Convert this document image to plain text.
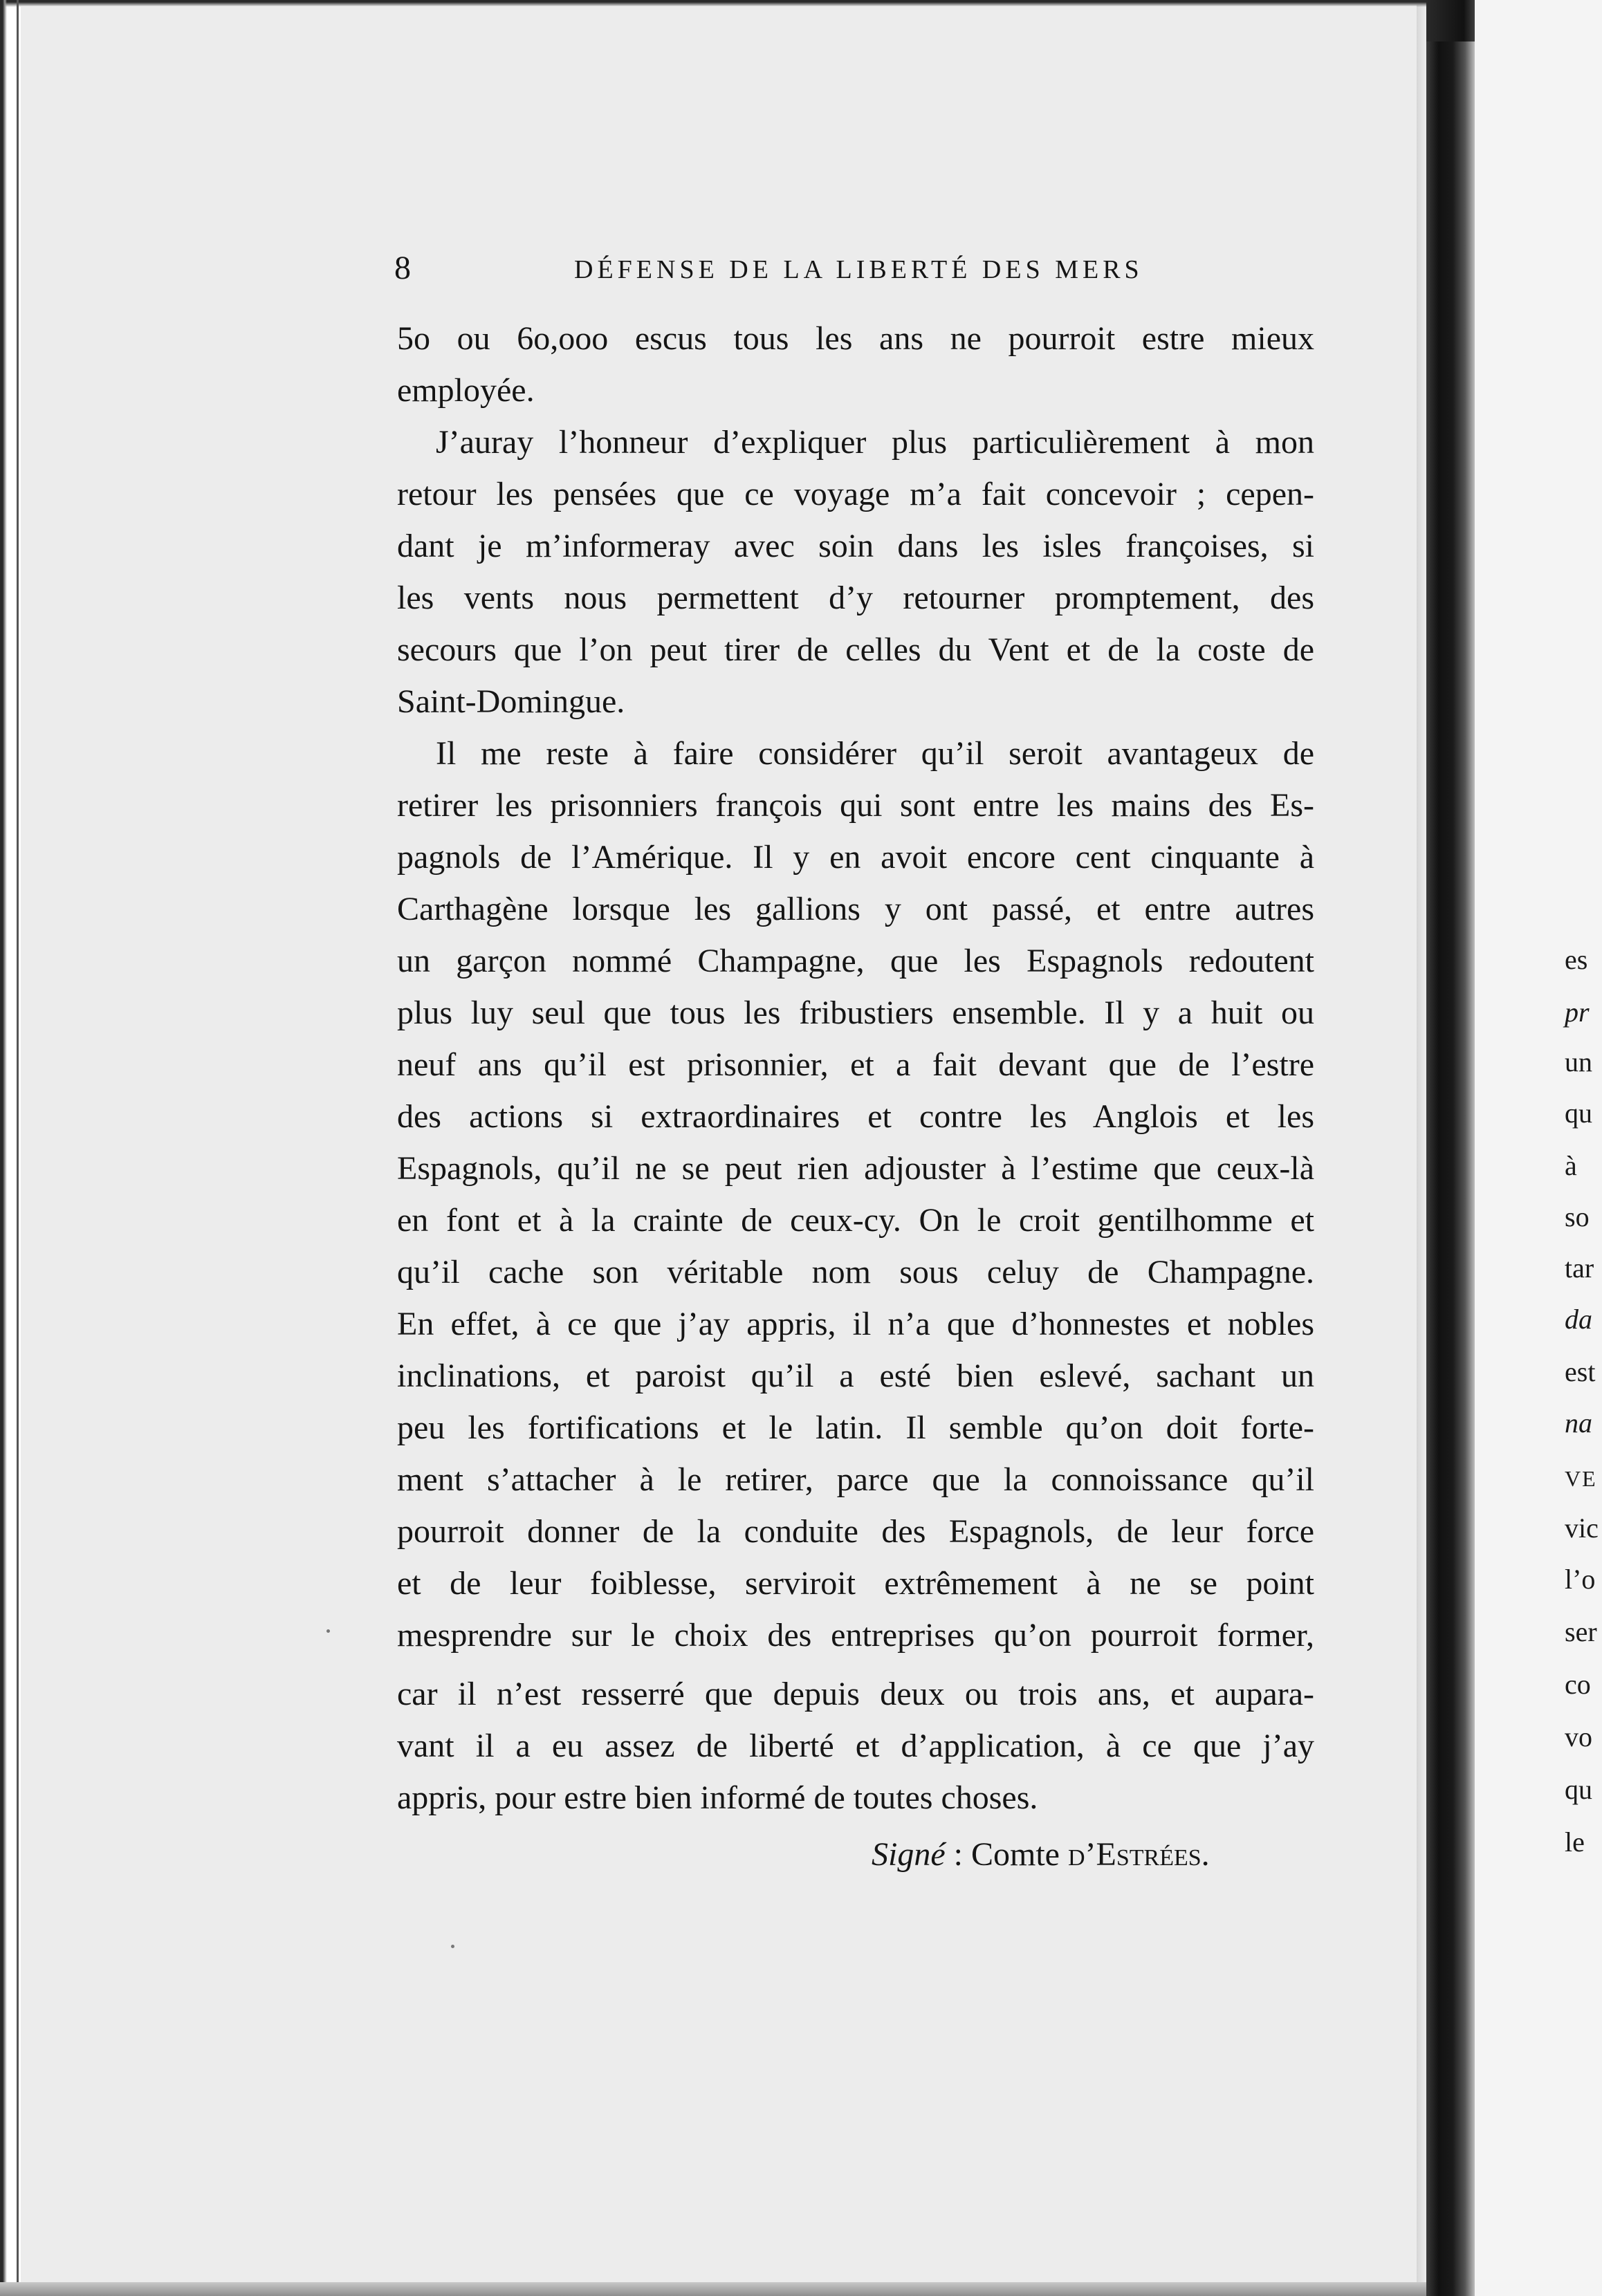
8	DÉFENSE DE LA LIBERTÉ DES MERS
5o ou 6o,ooo escus tous les ans ne pourroit estre mieux
employée.
J’auray l’honneur d’expliquer plus particulièrement à mon
retour les pensées que ce voyage m’a fait concevoir ; cepen-
dant je m’informeray avec soin dans les isles françoises, si
les vents nous permettent d’y retourner promptement, des
secours que l’on peut tirer de celles du Vent et de la coste de
Saint-Domingue.
Il me reste à faire considérer qu’il seroit avantageux de
retirer les prisonniers françois qui sont entre les mains des Es-
pagnols de l’Amérique. Il y en avoit encore cent cinquante à
Carthagène lorsque les gallions y ont passé, et entre autres
un garçon nommé Champagne, que les Espagnols redoutent
plus luy seul que tous les fribustiers ensemble. Il y a huit ou
neuf ans qu’il est prisonnier, et a fait devant que de l’estre
des actions si extraordinaires et contre les Anglois et les
Espagnols, qu’il ne se peut rien adjouster à l’estime que ceux-là
en font et à la crainte de ceux-cy. On le croit gentilhomme et
qu’il cache son véritable nom sous celuy de Champagne.
En effet, à ce que j’ay appris, il n’a que d’honnestes et nobles
inclinations, et paroist qu’il a esté bien eslevé, sachant un
peu les fortifications et le latin. Il semble qu’on doit forte-
ment s’attacher à le retirer, parce que la connoissance qu’il
pourroit donner de la conduite des Espagnols, de leur force
et de leur foiblesse, serviroit extrêmement à ne se point
mesprendre sur le choix des entreprises qu’on pourroit former,
car il n’est resserré que depuis deux ou trois ans, et aupara-
vant il a eu assez de liberté et d’application, à ce que j’ay
appris, pour estre bien informé de toutes choses.
Signé : Comte d’Estrées.
es
pr
un
qu
à
so
tar
da
est
na
VE
vic
l’o
ser
co
vo
qu
le
